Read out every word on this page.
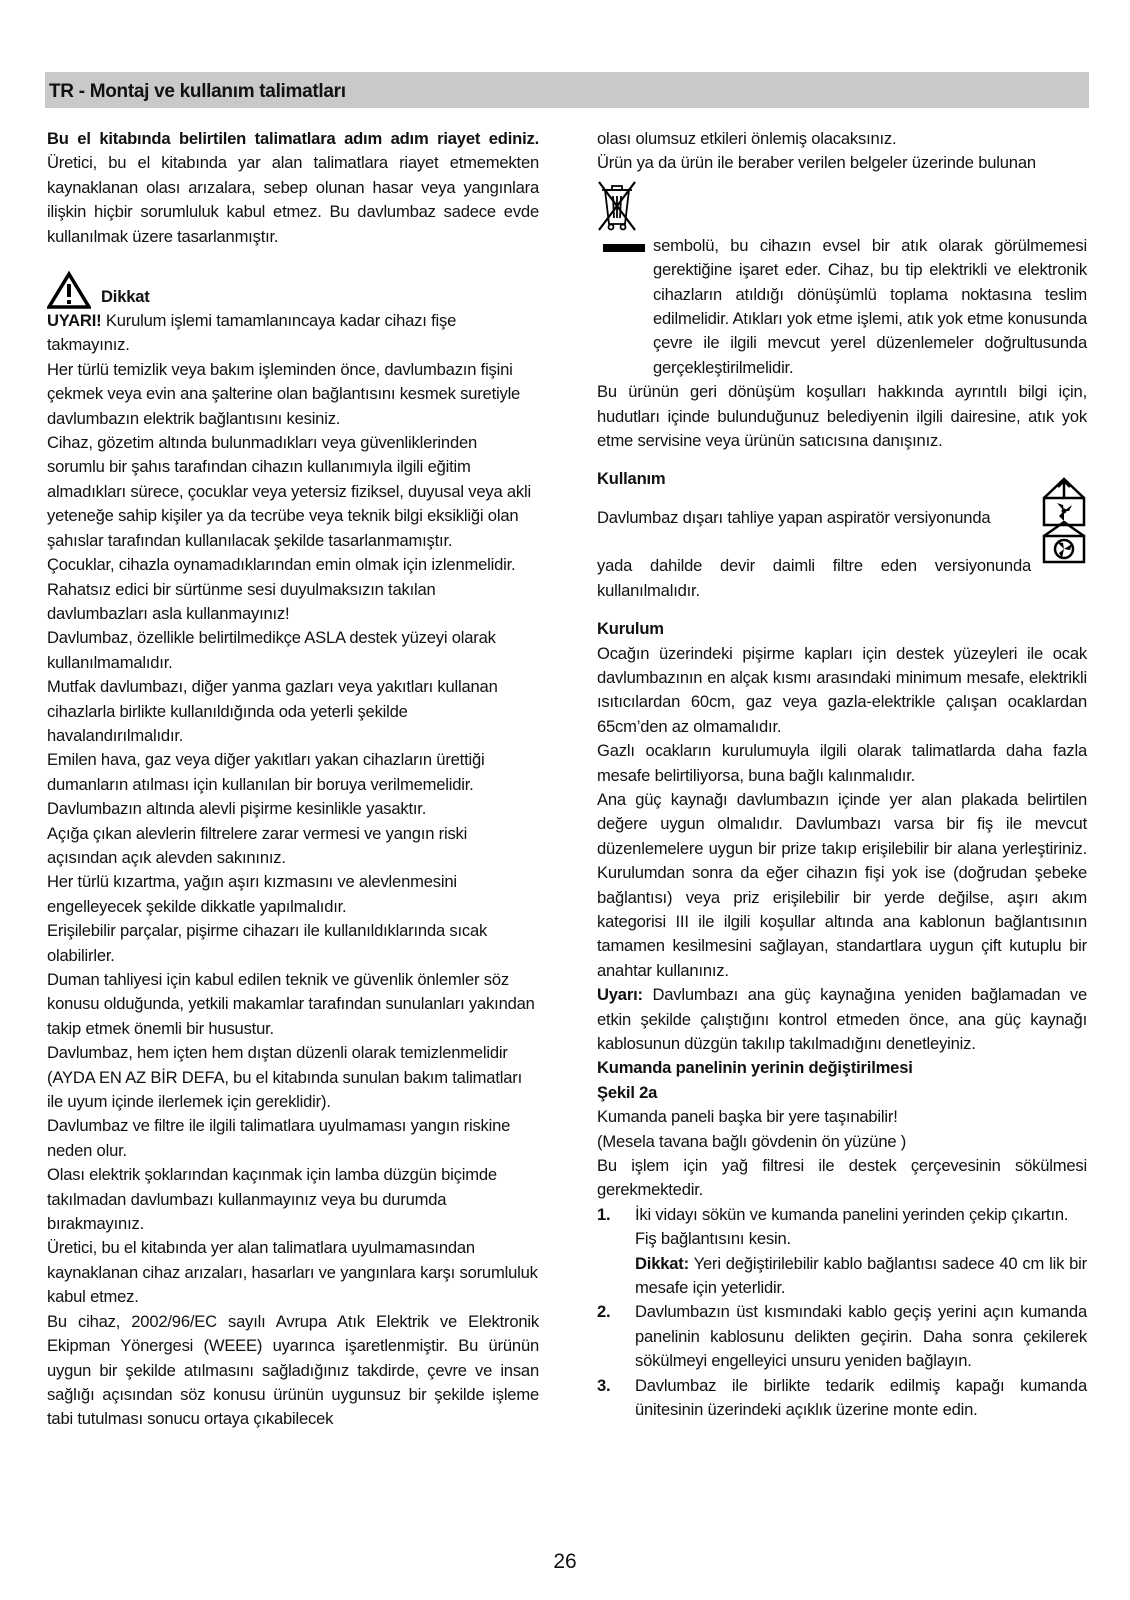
TR - Montaj ve kullanım talimatları

Bu el kitabında belirtilen talimatlara adım adım riayet ediniz. Üretici, bu el kitabında yar alan talimatlara riayet etmemekten kaynaklanan olası arızalara, sebep olunan hasar veya yangınlara ilişkin hiçbir sorumluluk kabul etmez. Bu davlumbaz sadece evde kullanılmak üzere tasarlanmıştır.

Dikkat

UYARI! Kurulum işlemi tamamlanıncaya kadar cihazı fişe takmayınız.

Her türlü temizlik veya bakım işleminden önce, davlumbazın fişini çekmek veya evin ana şalterine olan bağlantısını kesmek suretiyle davlumbazın elektrik bağlantısını kesiniz.

Cihaz, gözetim altında bulunmadıkları veya güvenliklerinden sorumlu bir şahıs tarafından cihazın kullanımıyla ilgili eğitim almadıkları sürece, çocuklar veya yetersiz fiziksel, duyusal veya akli yeteneğe sahip kişiler ya da tecrübe veya teknik bilgi eksikliği olan şahıslar tarafından kullanılacak şekilde tasarlanmamıştır.

Çocuklar, cihazla oynamadıklarından emin olmak için izlenmelidir.

Rahatsız edici bir sürtünme sesi duyulmaksızın takılan davlumbazları asla kullanmayınız!

Davlumbaz, özellikle belirtilmedikçe ASLA destek yüzeyi olarak kullanılmamalıdır.

Mutfak davlumbazı, diğer yanma gazları veya yakıtları kullanan cihazlarla birlikte kullanıldığında oda yeterli şekilde havalandırılmalıdır.

Emilen hava, gaz veya diğer yakıtları yakan cihazların ürettiği dumanların atılması için kullanılan bir boruya verilmemelidir.

Davlumbazın altında alevli pişirme kesinlikle yasaktır.

Açığa çıkan alevlerin filtrelere zarar vermesi ve yangın riski açısından açık alevden sakınınız.

Her türlü kızartma, yağın aşırı kızmasını ve alevlenmesini engelleyecek şekilde dikkatle yapılmalıdır.

Erişilebilir parçalar, pişirme cihazarı ile kullanıldıklarında sıcak olabilirler.

Duman tahliyesi için kabul edilen teknik ve güvenlik önlemler söz konusu olduğunda, yetkili makamlar tarafından sunulanları yakından takip etmek önemli bir husustur.

Davlumbaz, hem içten hem dıştan düzenli olarak temizlenmelidir (AYDA EN AZ BİR DEFA, bu el kitabında sunulan bakım talimatları ile uyum içinde ilerlemek için gereklidir).

Davlumbaz ve filtre ile ilgili talimatlara uyulmaması yangın riskine neden olur.

Olası elektrik şoklarından kaçınmak için lamba düzgün biçimde takılmadan davlumbazı kullanmayınız veya bu durumda bırakmayınız.

Üretici, bu el kitabında yer alan talimatlara uyulmamasından kaynaklanan cihaz arızaları, hasarları ve yangınlara karşı sorumluluk kabul etmez.

Bu cihaz, 2002/96/EC sayılı Avrupa Atık Elektrik ve Elektronik Ekipman Yönergesi (WEEE) uyarınca işaretlenmiştir. Bu ürünün uygun bir şekilde atılmasını sağladığınız takdirde, çevre ve insan sağlığı açısından söz konusu ürünün uygunsuz bir şekilde işleme tabi tutulması sonucu ortaya çıkabilecek

olası olumsuz etkileri önlemiş olacaksınız.

Ürün ya da ürün ile beraber verilen belgeler üzerinde bulunan

sembolü, bu cihazın evsel bir atık olarak görülmemesi gerektiğine işaret eder. Cihaz, bu tip elektrikli ve elektronik cihazların atıldığı dönüşümlü toplama noktasına teslim edilmelidir. Atıkları yok etme işlemi, atık yok etme konusunda çevre ile ilgili mevcut yerel düzenlemeler doğrultusunda gerçekleştirilmelidir.

Bu ürünün geri dönüşüm koşulları hakkında ayrıntılı bilgi için, hudutları içinde bulunduğunuz belediyenin ilgili dairesine, atık yok etme servisine veya ürünün satıcısına danışınız.

Kullanım

Davlumbaz dışarı tahliye yapan aspiratör versiyonunda
yada dahilde devir daimli filtre eden versiyonunda kullanılmalıdır.

Kurulum

Ocağın üzerindeki pişirme kapları için destek yüzeyleri ile ocak davlumbazının en alçak kısmı arasındaki minimum mesafe, elektrikli ısıtıcılardan 60cm, gaz veya gazla-elektrikle çalışan ocaklardan 65cm’den az olmamalıdır.

Gazlı ocakların kurulumuyla ilgili olarak talimatlarda daha fazla mesafe belirtiliyorsa, buna bağlı kalınmalıdır.

Ana güç kaynağı davlumbazın içinde yer alan plakada belirtilen değere uygun olmalıdır. Davlumbazı varsa bir fiş ile mevcut düzenlemelere uygun bir prize takıp erişilebilir bir alana yerleştiriniz. Kurulumdan sonra da eğer cihazın fişi yok ise (doğrudan şebeke bağlantısı) veya priz erişilebilir bir yerde değilse, aşırı akım kategorisi III ile ilgili koşullar altında ana kablonun bağlantısının tamamen kesilmesini sağlayan, standartlara uygun çift kutuplu bir anahtar kullanınız.

Uyarı: Davlumbazı ana güç kaynağına yeniden bağlamadan ve etkin şekilde çalıştığını kontrol etmeden önce, ana güç kaynağı kablosunun düzgün takılıp takılmadığını denetleyiniz.

Kumanda panelinin yerinin değiştirilmesi

Şekil 2a

Kumanda paneli başka bir yere taşınabilir!

(Mesela tavana bağlı gövdenin ön yüzüne )

Bu işlem için yağ filtresi ile destek çerçevesinin sökülmesi gerekmektedir.

1. İki vidayı sökün ve kumanda panelini yerinden çekip çıkartın.
Fiş bağlantısını kesin.
Dikkat: Yeri değiştirilebilir kablo bağlantısı sadece 40 cm lik bir mesafe için yeterlidir.
2. Davlumbazın üst kısmındaki kablo geçiş yerini açın kumanda panelinin kablosunu delikten geçirin. Daha sonra çekilerek sökülmeyi engelleyici unsuru yeniden bağlayın.
3. Davlumbaz ile birlikte tedarik edilmiş kapağı kumanda ünitesinin üzerindeki açıklık üzerine monte edin.
26
